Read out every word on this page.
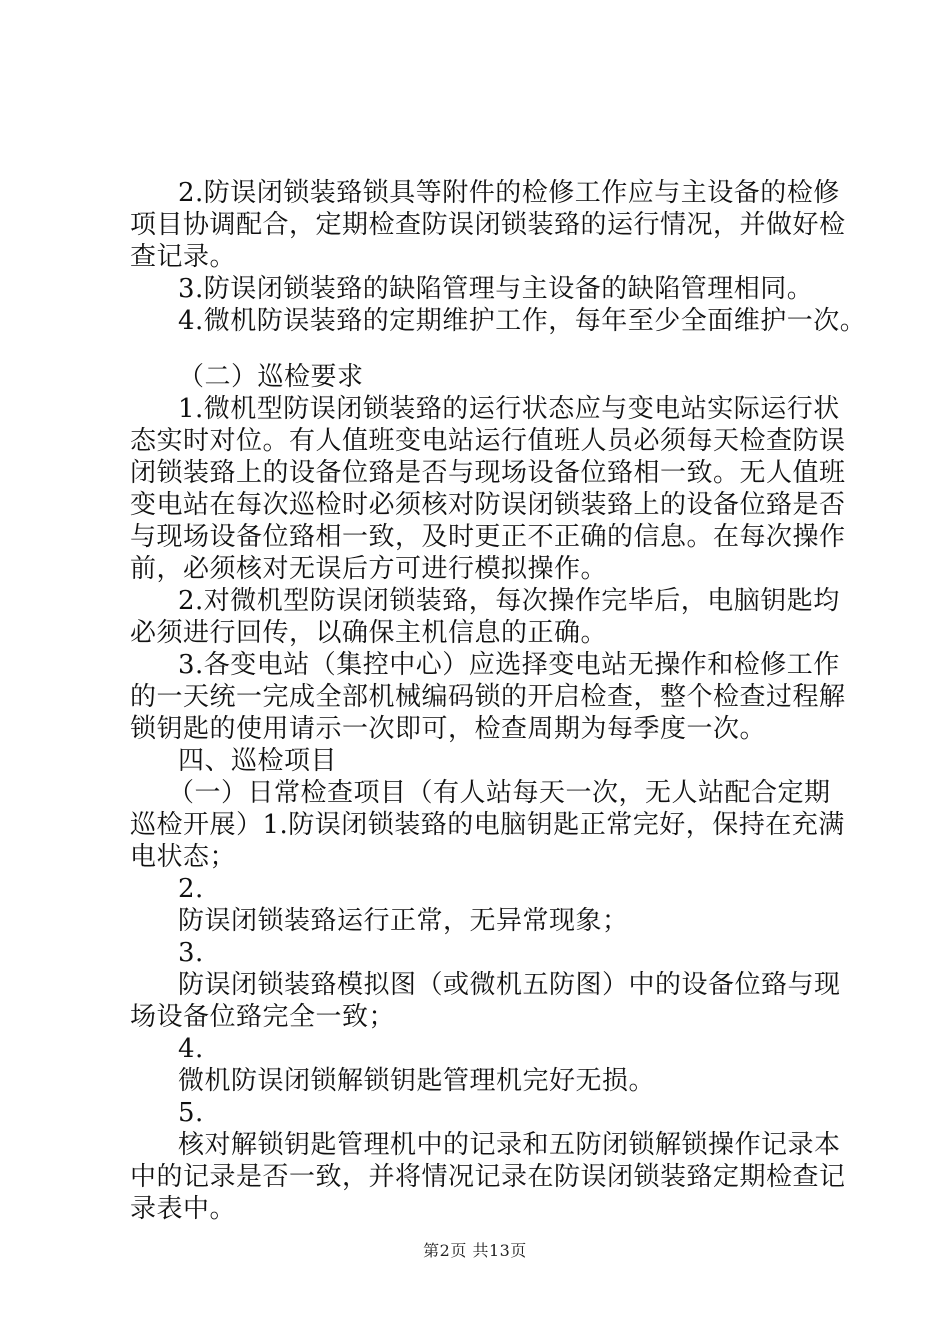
2.防误闭锁装臵锁具等附件的检修工作应与主设备的检修
项目协调配合，定期检查防误闭锁装臵的运行情况，并做好检
查记录。
3.防误闭锁装臵的缺陷管理与主设备的缺陷管理相同。
4.微机防误装臵的定期维护工作，每年至少全面维护一次。
（二）巡检要求
1.微机型防误闭锁装臵的运行状态应与变电站实际运行状
态实时对位。有人值班变电站运行值班人员必须每天检查防误
闭锁装臵上的设备位臵是否与现场设备位臵相一致。无人值班
变电站在每次巡检时必须核对防误闭锁装臵上的设备位臵是否
与现场设备位臵相一致，及时更正不正确的信息。在每次操作
前，必须核对无误后方可进行模拟操作。
2.对微机型防误闭锁装臵，每次操作完毕后，电脑钥匙均
必须进行回传，以确保主机信息的正确。
3.各变电站（集控中心）应选择变电站无操作和检修工作
的一天统一完成全部机械编码锁的开启检查，整个检查过程解
锁钥匙的使用请示一次即可，检查周期为每季度一次。
四、巡检项目
（一）日常检查项目（有人站每天一次，无人站配合定期
巡检开展）1.防误闭锁装臵的电脑钥匙正常完好，保持在充满
电状态；
2.
防误闭锁装臵运行正常，无异常现象；
3.
防误闭锁装臵模拟图（或微机五防图）中的设备位臵与现
场设备位臵完全一致；
4.
微机防误闭锁解锁钥匙管理机完好无损。
5.
核对解锁钥匙管理机中的记录和五防闭锁解锁操作记录本
中的记录是否一致，并将情况记录在防误闭锁装臵定期检查记
录表中。
第2页 共13页
